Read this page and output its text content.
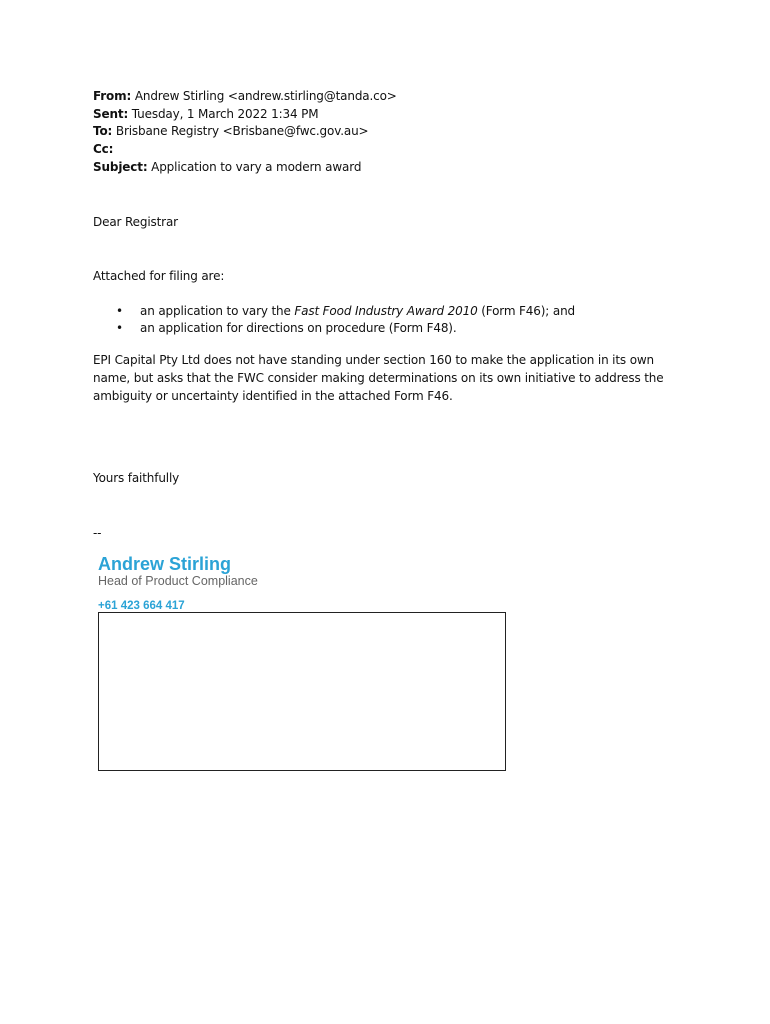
From: Andrew Stirling <andrew.stirling@tanda.co>
Sent: Tuesday, 1 March 2022 1:34 PM
To: Brisbane Registry <Brisbane@fwc.gov.au>
Cc:
Subject: Application to vary a modern award
Dear Registrar
Attached for filing are:
• an application to vary the Fast Food Industry Award 2010 (Form F46); and
• an application for directions on procedure (Form F48).
EPI Capital Pty Ltd does not have standing under section 160 to make the application in its own
name, but asks that the FWC consider making determinations on its own initiative to address the
ambiguity or uncertainty identified in the attached Form F46.
Yours faithfully
--
Andrew Stirling
Head of Product Compliance
+61 423 664 417
